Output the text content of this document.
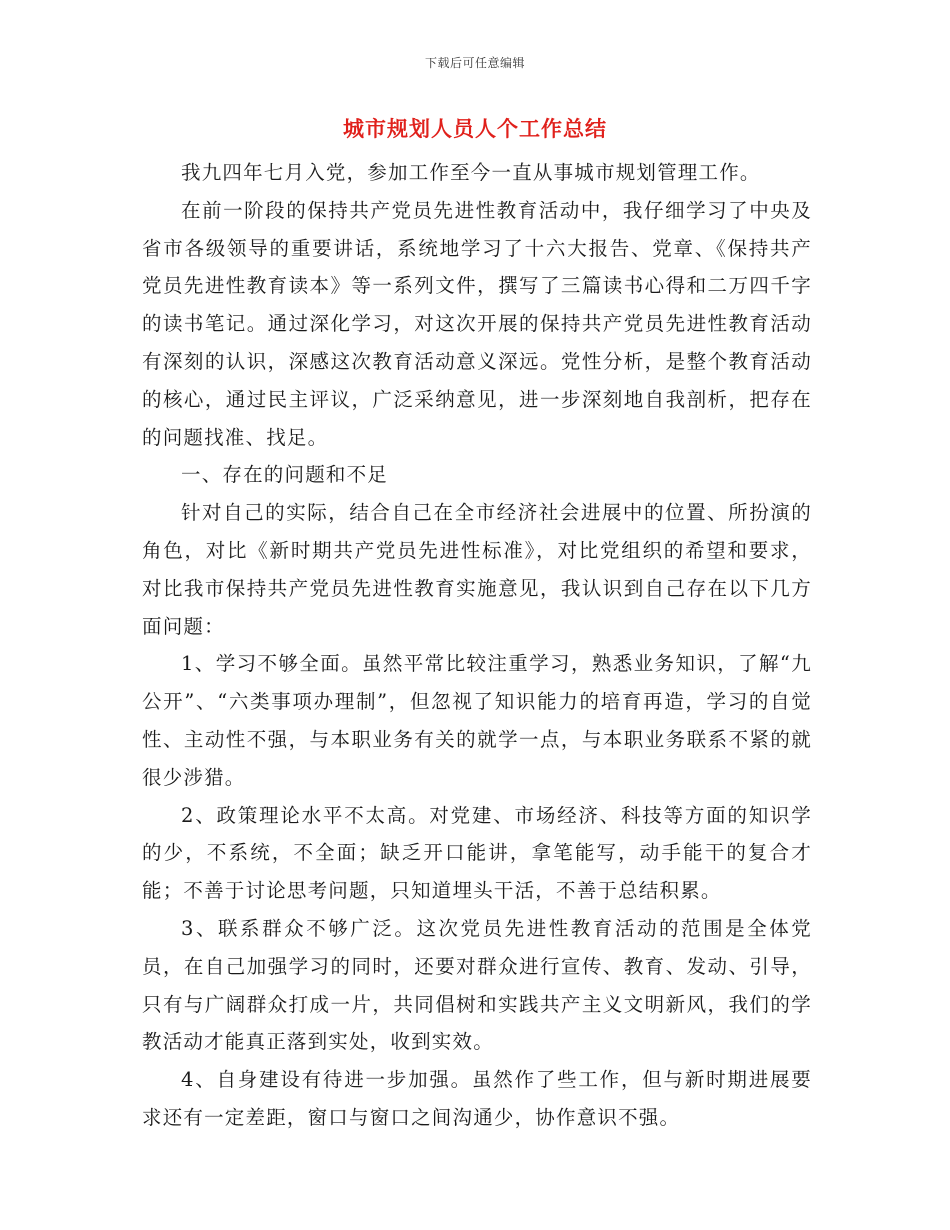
下载后可任意编辑
城市规划人员人个工作总结

我九四年七月入党，参加工作至今一直从事城市规划管理工作。

在前一阶段的保持共产党员先进性教育活动中，我仔细学习了中央及省市各级领导的重要讲话，系统地学习了十六大报告、党章、《保持共产党员先进性教育读本》等一系列文件，撰写了三篇读书心得和二万四千字的读书笔记。通过深化学习，对这次开展的保持共产党员先进性教育活动有深刻的认识，深感这次教育活动意义深远。党性分析，是整个教育活动的核心，通过民主评议，广泛采纳意见，进一步深刻地自我剖析，把存在的问题找准、找足。

一、存在的问题和不足

针对自己的实际，结合自己在全市经济社会进展中的位置、所扮演的角色，对比《新时期共产党员先进性标准》，对比党组织的希望和要求，对比我市保持共产党员先进性教育实施意见，我认识到自己存在以下几方面问题：

1、学习不够全面。虽然平常比较注重学习，熟悉业务知识，了解“九公开”、“六类事项办理制”，但忽视了知识能力的培育再造，学习的自觉性、主动性不强，与本职业务有关的就学一点，与本职业务联系不紧的就很少涉猎。

2、政策理论水平不太高。对党建、市场经济、科技等方面的知识学的少，不系统，不全面；缺乏开口能讲，拿笔能写，动手能干的复合才能；不善于讨论思考问题，只知道埋头干活，不善于总结积累。

3、联系群众不够广泛。这次党员先进性教育活动的范围是全体党员，在自己加强学习的同时，还要对群众进行宣传、教育、发动、引导，只有与广阔群众打成一片，共同倡树和实践共产主义文明新风，我们的学教活动才能真正落到实处，收到实效。

4、自身建设有待进一步加强。虽然作了些工作，但与新时期进展要求还有一定差距，窗口与窗口之间沟通少，协作意识不强。
